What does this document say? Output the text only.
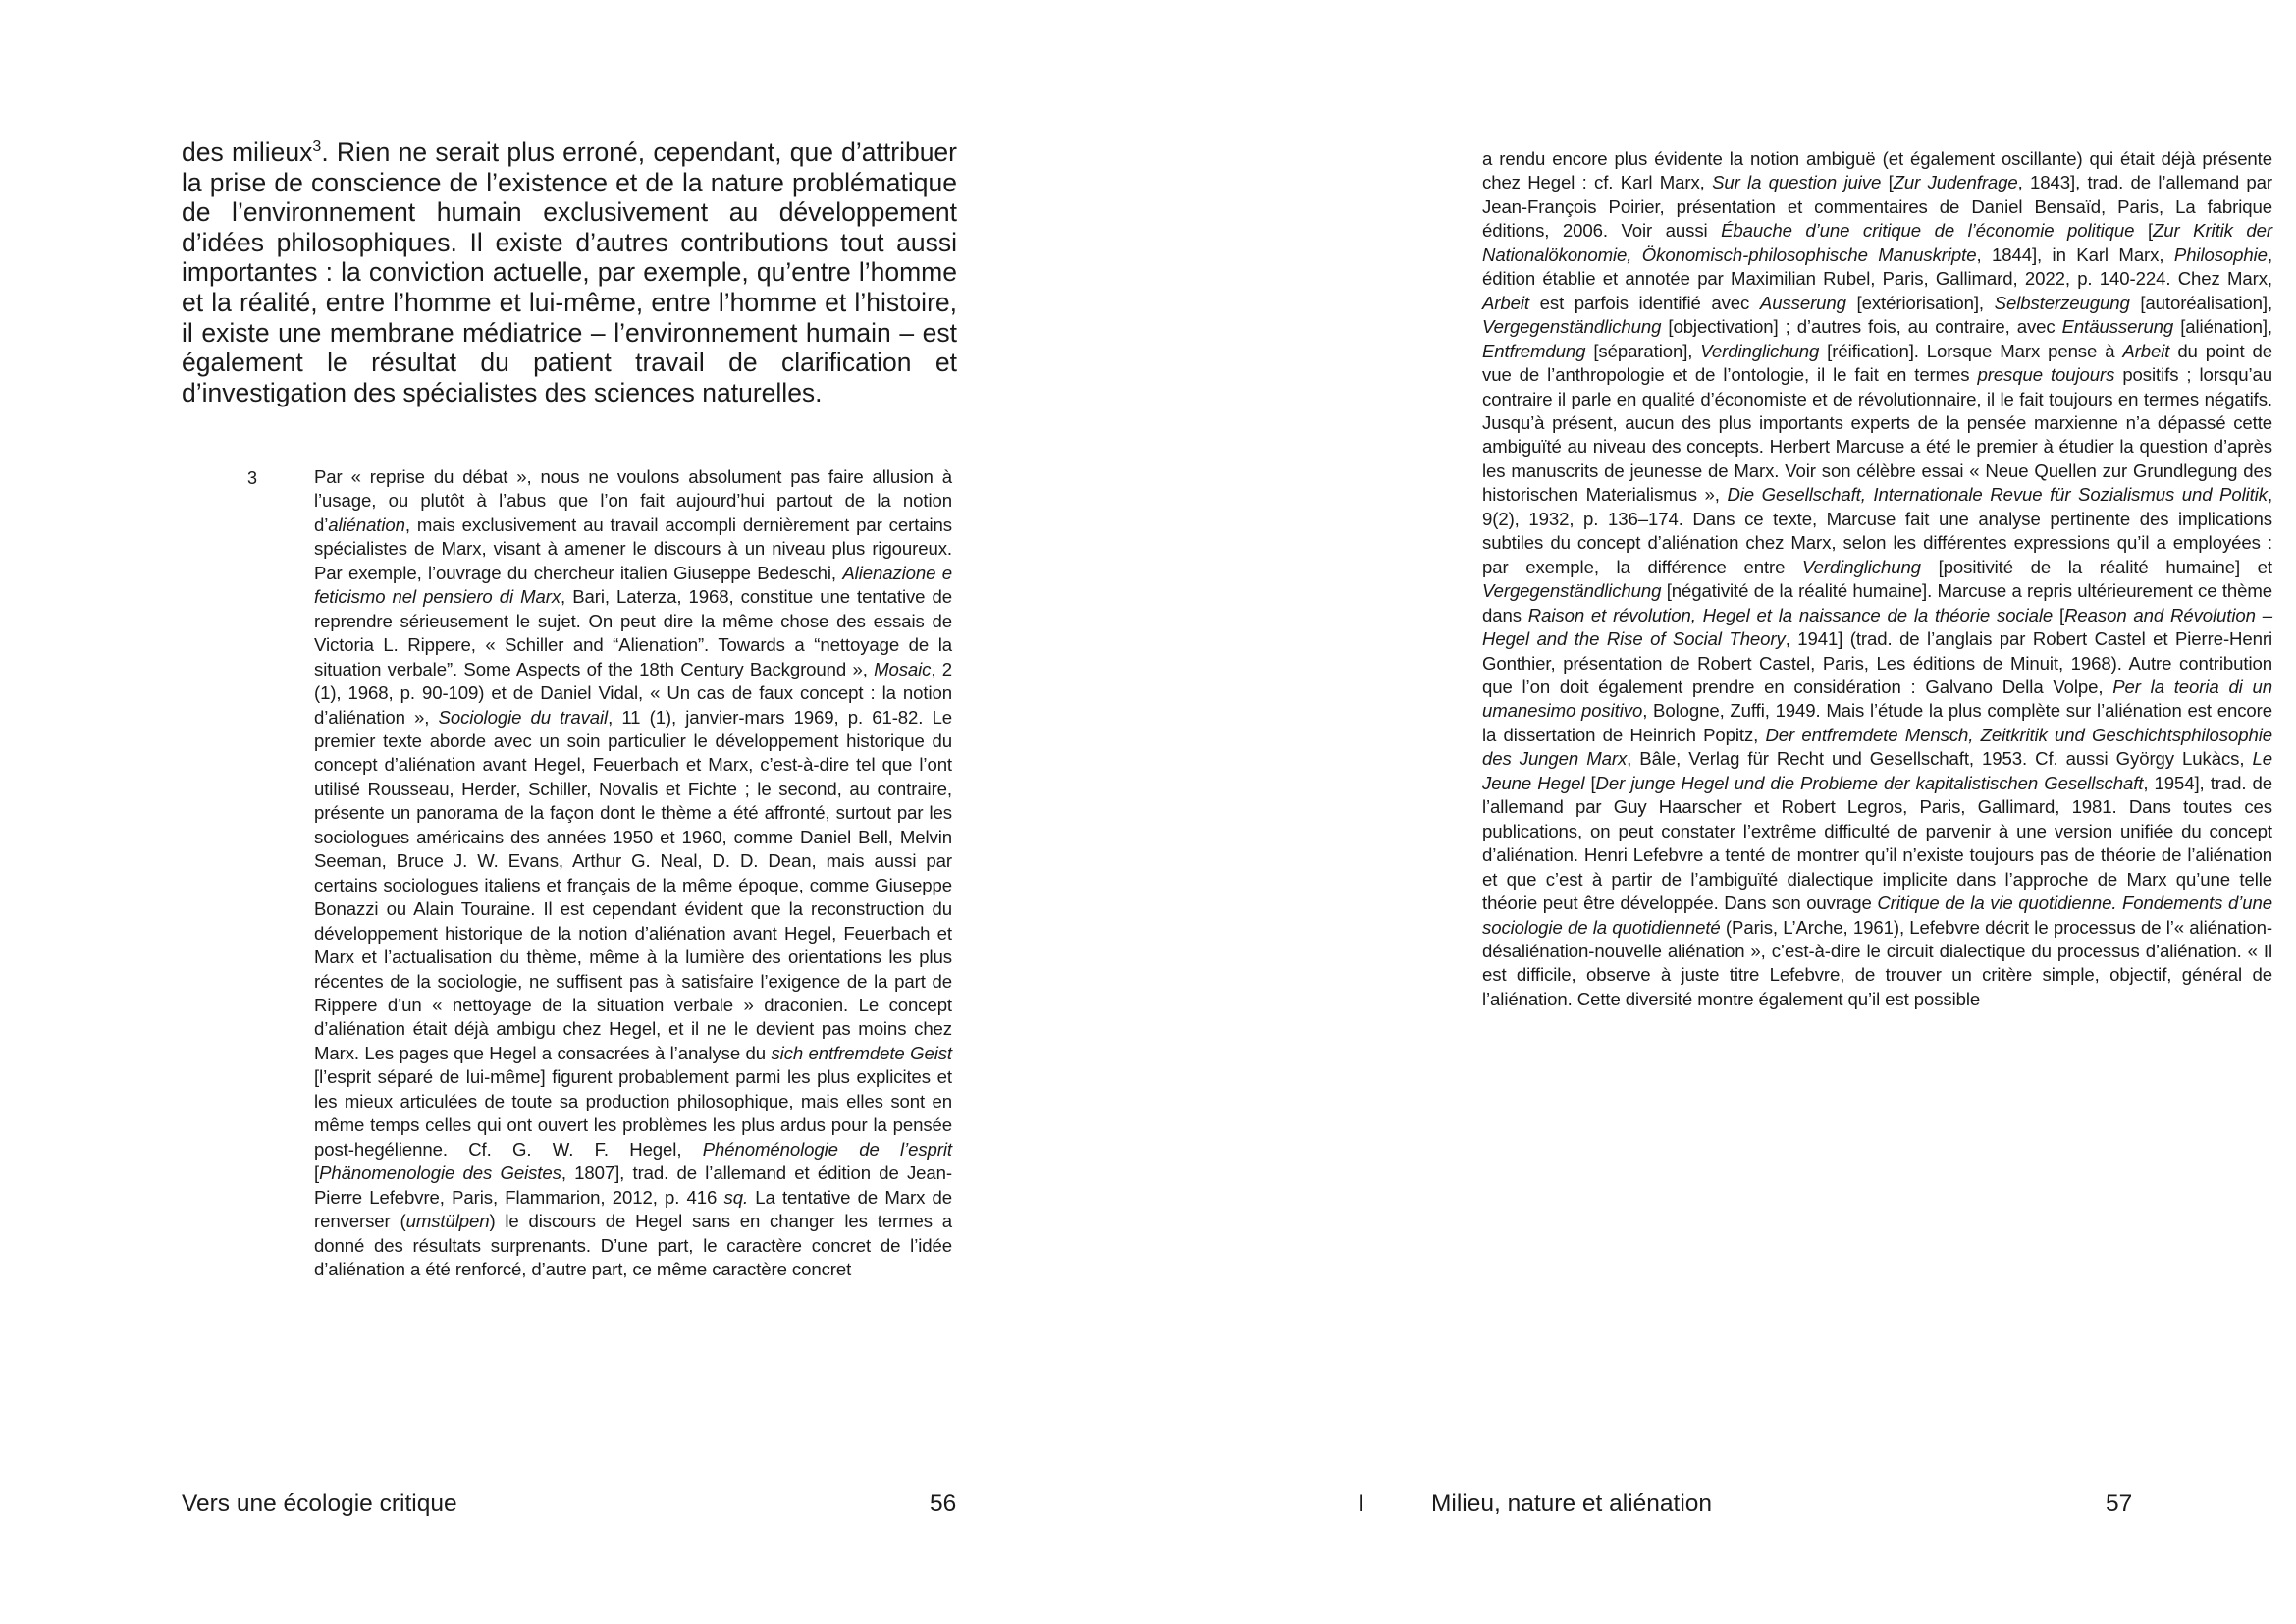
des milieux$^3$. Rien ne serait plus erroné, cependant, que d’attribuer la prise de conscience de l’existence et de la nature problématique de l’environnement humain exclusivement au développement d’idées philosophiques. Il existe d’autres contributions tout aussi importantes : la conviction actuelle, par exemple, qu’entre l’homme et la réalité, entre l’homme et lui-même, entre l’homme et l’histoire, il existe une membrane médiatrice – l’environnement humain – est également le résultat du patient travail de clarification et d’investigation des spécialistes des sciences naturelles.

3	Par « reprise du débat », nous ne voulons absolument pas faire allusion à l’usage, ou plutôt à l’abus que l’on fait aujourd’hui partout de la notion d’aliénation, mais exclusivement au travail accompli dernièrement par certains spécialistes de Marx, visant à amener le discours à un niveau plus rigoureux. Par exemple, l’ouvrage du chercheur italien Giuseppe Bedeschi, Alienazione e feticismo nel pensiero di Marx, Bari, Laterza, 1968, constitue une tentative de reprendre sérieusement le sujet. On peut dire la même chose des essais de Victoria L. Rippere, « Schiller and “Alienation”. Towards a “nettoyage de la situation verbale”. Some Aspects of the 18th Century Background », Mosaic, 2 (1), 1968, p. 90-109) et de Daniel Vidal, « Un cas de faux concept : la notion d’aliénation », Sociologie du travail, 11 (1), janvier-mars 1969, p. 61-82. Le premier texte aborde avec un soin particulier le développement historique du concept d’aliénation avant Hegel, Feuerbach et Marx, c’est-à-dire tel que l’ont utilisé Rousseau, Herder, Schiller, Novalis et Fichte ; le second, au contraire, présente un panorama de la façon dont le thème a été affronté, surtout par les sociologues américains des années 1950 et 1960, comme Daniel Bell, Melvin Seeman, Bruce J. W. Evans, Arthur G. Neal, D. D. Dean, mais aussi par certains sociologues italiens et français de la même époque, comme Giuseppe Bonazzi ou Alain Touraine. Il est cependant évident que la reconstruction du développement historique de la notion d’aliénation avant Hegel, Feuerbach et Marx et l’actualisation du thème, même à la lumière des orientations les plus récentes de la sociologie, ne suffisent pas à satisfaire l’exigence de la part de Rippere d’un « nettoyage de la situation verbale » draconien. Le concept d’aliénation était déjà ambigu chez Hegel, et il ne le devient pas moins chez Marx. Les pages que Hegel a consacrées à l’analyse du sich entfremdete Geist [l’esprit séparé de lui-même] figurent probablement parmi les plus explicites et les mieux articulées de toute sa production philosophique, mais elles sont en même temps celles qui ont ouvert les problèmes les plus ardus pour la pensée post-hegélienne. Cf. G. W. F. Hegel, Phénoménologie de l’esprit [Phänomenologie des Geistes, 1807], trad. de l’allemand et édition de Jean-Pierre Lefebvre, Paris, Flammarion, 2012, p. 416 sq. La tentative de Marx de renverser (umstülpen) le discours de Hegel sans en changer les termes a donné des résultats surprenants. D’une part, le caractère concret de l’idée d’aliénation a été renforcé, d’autre part, ce même caractère concret

Vers une écologie critique	56

a rendu encore plus évidente la notion ambiguë (et également oscillante) qui était déjà présente chez Hegel : cf. Karl Marx, Sur la question juive [Zur Judenfrage, 1843], trad. de l’allemand par Jean-François Poirier, présentation et commentaires de Daniel Bensaïd, Paris, La fabrique éditions, 2006. Voir aussi Ébauche d’une critique de l’économie politique [Zur Kritik der Nationalökonomie, Ökonomisch-philosophische Manuskripte, 1844], in Karl Marx, Philosophie, édition établie et annotée par Maximilian Rubel, Paris, Gallimard, 2022, p. 140-224. Chez Marx, Arbeit est parfois identifié avec Ausserung [extériorisation], Selbsterzeugung [autoréalisation], Vergegenständlichung [objectivation] ; d’autres fois, au contraire, avec Entäusserung [aliénation], Entfremdung [séparation], Verdinglichung [réification]. Lorsque Marx pense à Arbeit du point de vue de l’anthropologie et de l’ontologie, il le fait en termes presque toujours positifs ; lorsqu’au contraire il parle en qualité d’économiste et de révolutionnaire, il le fait toujours en termes négatifs. Jusqu’à présent, aucun des plus importants experts de la pensée marxienne n’a dépassé cette ambiguïté au niveau des concepts. Herbert Marcuse a été le premier à étudier la question d’après les manuscrits de jeunesse de Marx. Voir son célèbre essai « Neue Quellen zur Grundlegung des historischen Materialismus », Die Gesellschaft, Internationale Revue für Sozialismus und Politik, 9(2), 1932, p. 136–174. Dans ce texte, Marcuse fait une analyse pertinente des implications subtiles du concept d’aliénation chez Marx, selon les différentes expressions qu’il a employées : par exemple, la différence entre Verdinglichung [positivité de la réalité humaine] et Vergegenständlichung [négativité de la réalité humaine]. Marcuse a repris ultérieurement ce thème dans Raison et révolution, Hegel et la naissance de la théorie sociale [Reason and Révolution – Hegel and the Rise of Social Theory, 1941] (trad. de l’anglais par Robert Castel et Pierre-Henri Gonthier, présentation de Robert Castel, Paris, Les éditions de Minuit, 1968). Autre contribution que l’on doit également prendre en considération : Galvano Della Volpe, Per la teoria di un umanesimo positivo, Bologne, Zuffi, 1949. Mais l’étude la plus complète sur l’aliénation est encore la dissertation de Heinrich Popitz, Der entfremdete Mensch, Zeitkritik und Geschichtsphilosophie des Jungen Marx, Bâle, Verlag für Recht und Gesellschaft, 1953. Cf. aussi György Lukàcs, Le Jeune Hegel [Der junge Hegel und die Probleme der kapitalistischen Gesellschaft, 1954], trad. de l’allemand par Guy Haarscher et Robert Legros, Paris, Gallimard, 1981. Dans toutes ces publications, on peut constater l’extrême difficulté de parvenir à une version unifiée du concept d’aliénation. Henri Lefebvre a tenté de montrer qu’il n’existe toujours pas de théorie de l’aliénation et que c’est à partir de l’ambiguïté dialectique implicite dans l’approche de Marx qu’une telle théorie peut être développée. Dans son ouvrage Critique de la vie quotidienne. Fondements d’une sociologie de la quotidienneté (Paris, L’Arche, 1961), Lefebvre décrit le processus de l’« aliénation-désaliénation-nouvelle aliénation », c’est-à-dire le circuit dialectique du processus d’aliénation. « Il est difficile, observe à juste titre Lefebvre, de trouver un critère simple, objectif, général de l’aliénation. Cette diversité montre également qu’il est possible

I	Milieu, nature et aliénation	57
